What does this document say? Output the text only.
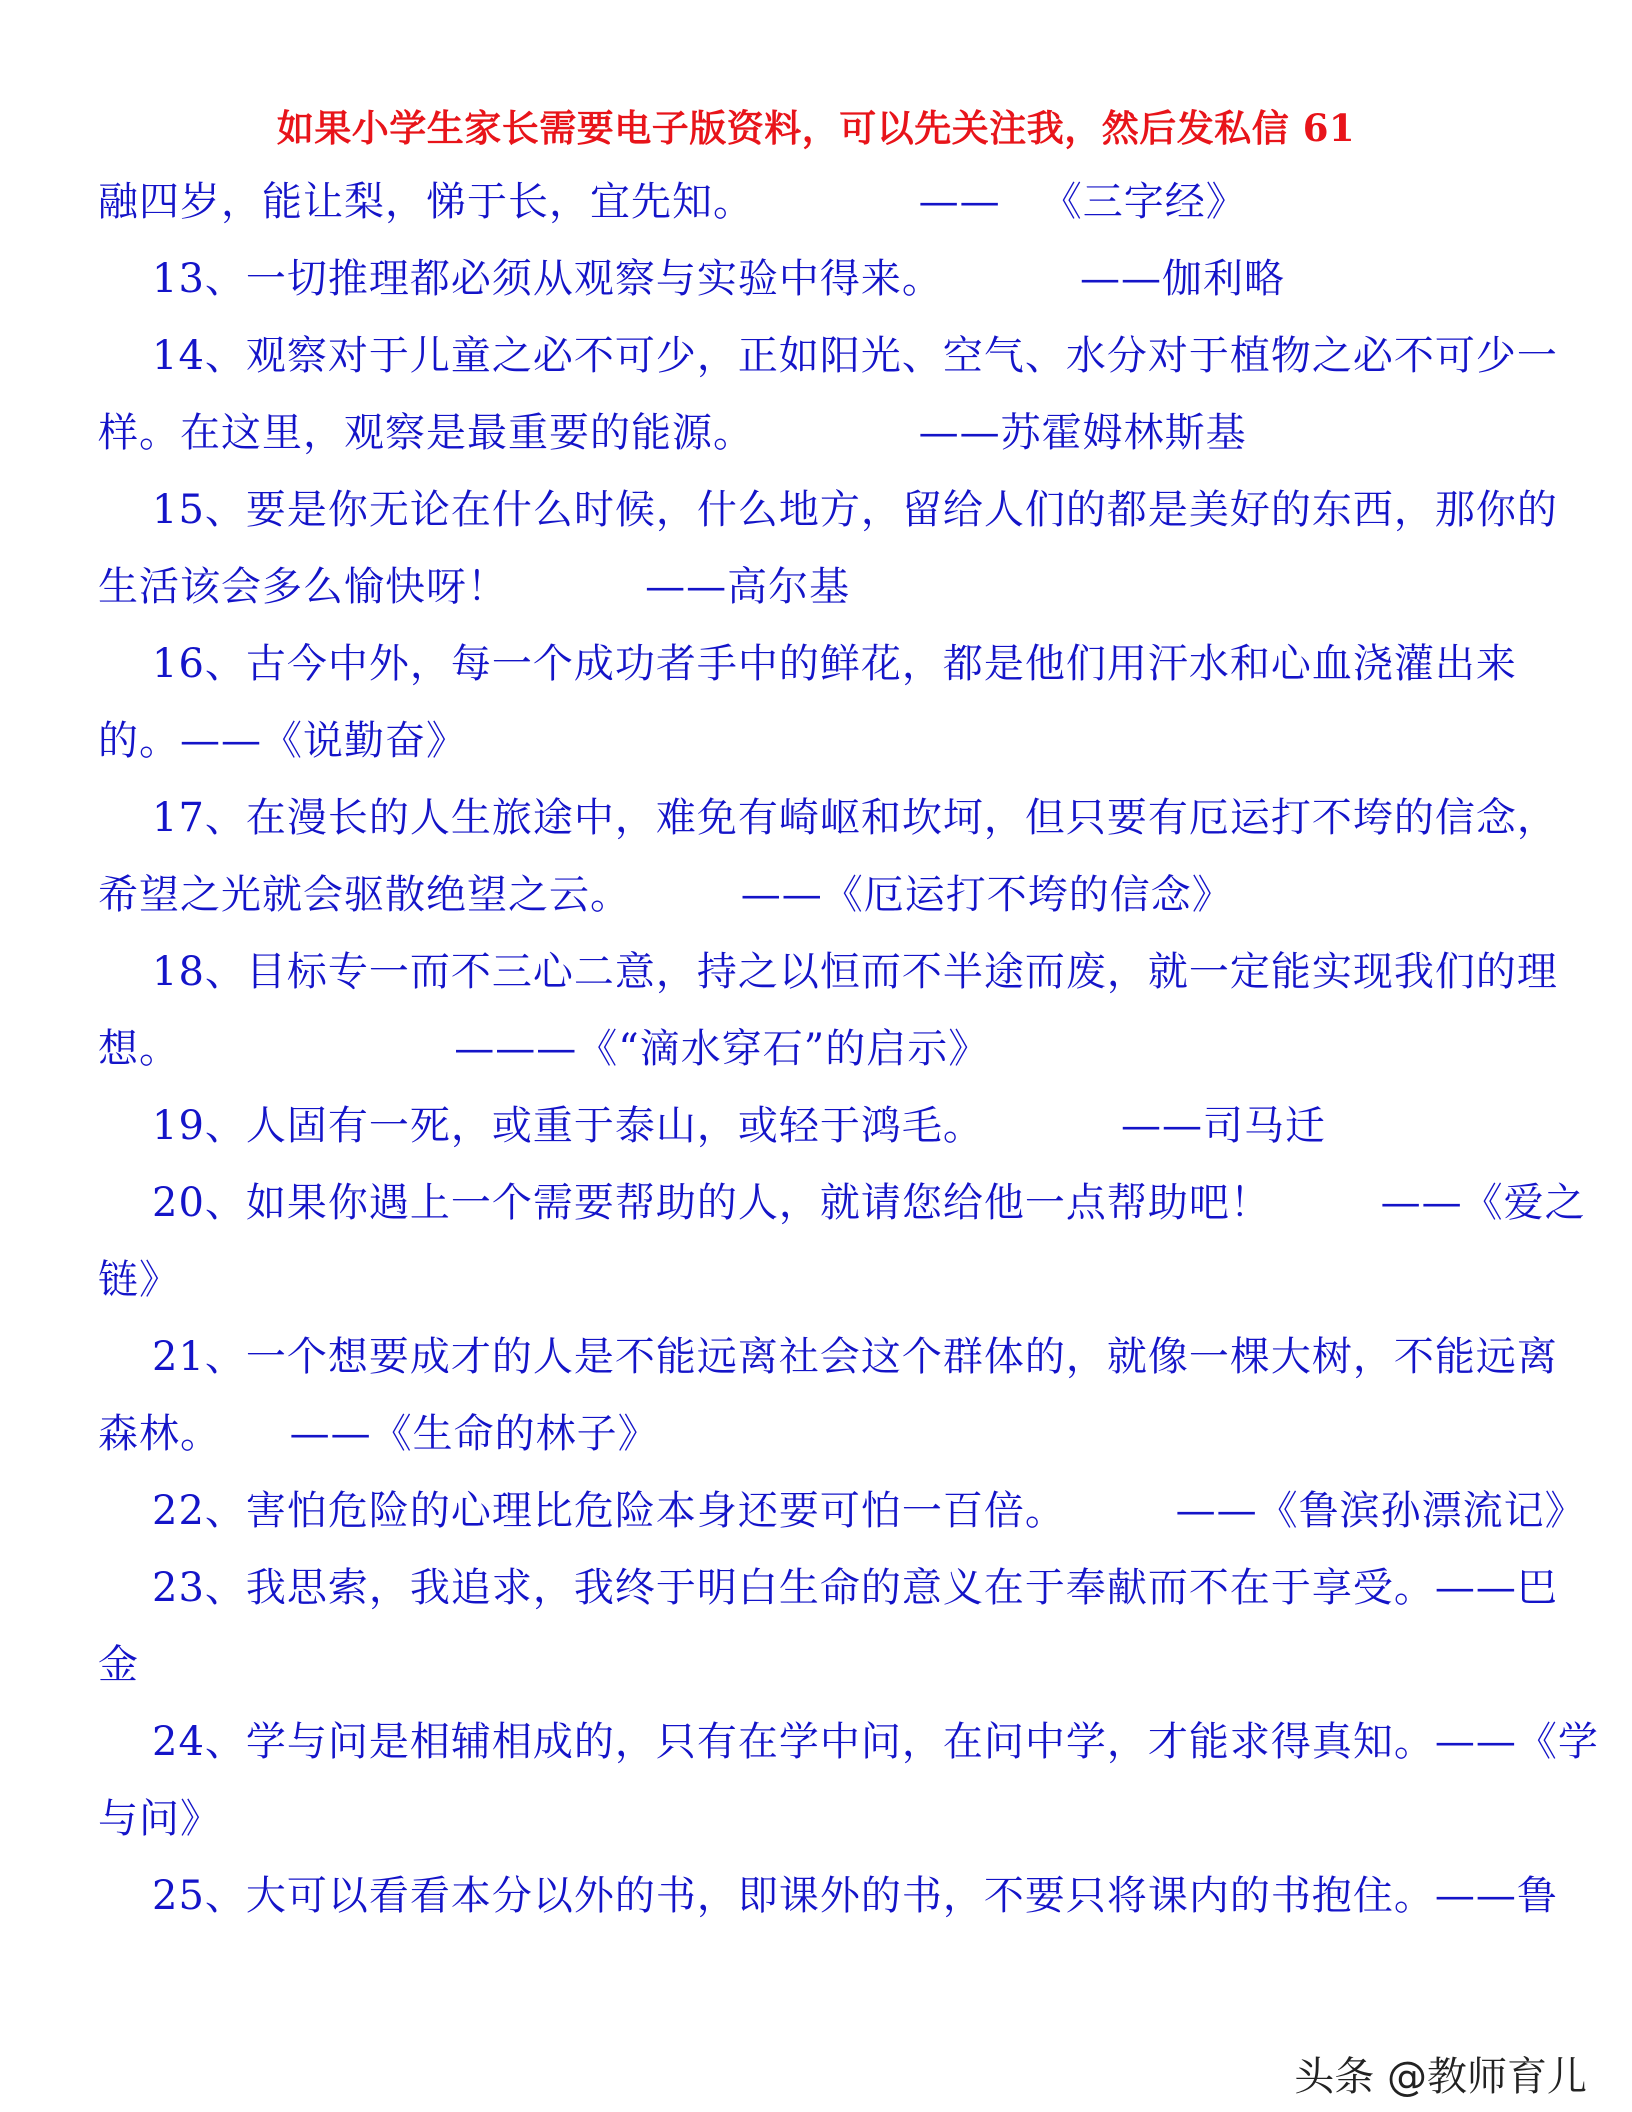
如果小学生家长需要电子版资料，可以先关注我，然后发私信 61
融四岁，能让梨，悌于长，宜先知。            ——   《三字经》
13、一切推理都必须从观察与实验中得来。          ——伽利略
14、观察对于儿童之必不可少，正如阳光、空气、水分对于植物之必不可少一
样。在这里，观察是最重要的能源。            ——苏霍姆林斯基
15、要是你无论在什么时候，什么地方，留给人们的都是美好的东西，那你的
生活该会多么愉快呀！          ——高尔基
16、古今中外，每一个成功者手中的鲜花，都是他们用汗水和心血浇灌出来
的。——《说勤奋》
17、在漫长的人生旅途中，难免有崎岖和坎坷，但只要有厄运打不垮的信念，
希望之光就会驱散绝望之云。        ——《厄运打不垮的信念》
18、目标专一而不三心二意，持之以恒而不半途而废，就一定能实现我们的理
想。                    ———《“滴水穿石”的启示》
19、人固有一死，或重于泰山，或轻于鸿毛。          ——司马迁
20、如果你遇上一个需要帮助的人，就请您给他一点帮助吧！        ——《爱之
链》
21、一个想要成才的人是不能远离社会这个群体的，就像一棵大树，不能远离
森林。     ——《生命的林子》
22、害怕危险的心理比危险本身还要可怕一百倍。        ——《鲁滨孙漂流记》
23、我思索，我追求，我终于明白生命的意义在于奉献而不在于享受。——巴
金
24、学与问是相辅相成的，只有在学中问，在问中学，才能求得真知。——《学
与问》
25、大可以看看本分以外的书，即课外的书，不要只将课内的书抱住。——鲁
头条 @教师育儿
